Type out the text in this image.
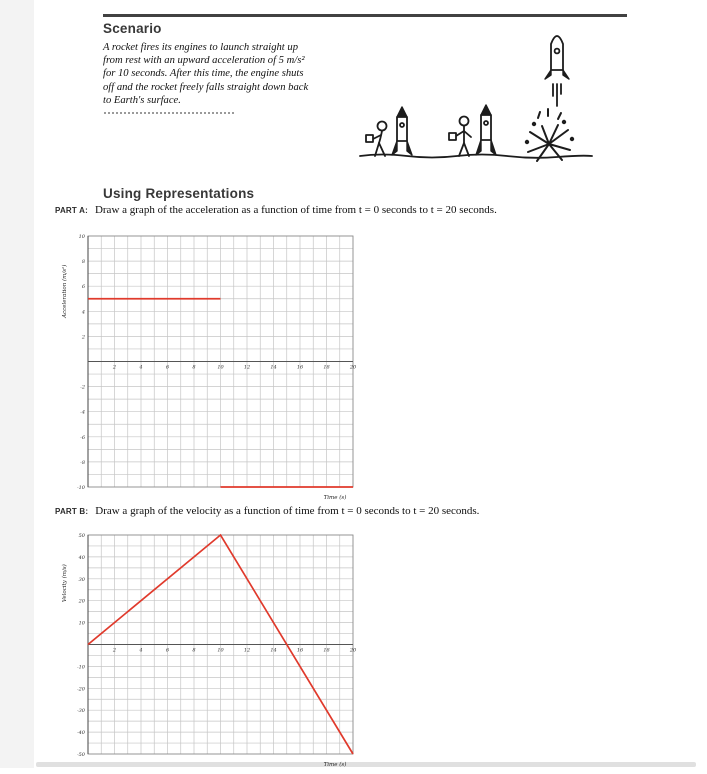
Scenario
A rocket fires its engines to launch straight up
from rest with an upward acceleration of 5 m/s²
for 10 seconds. After this time, the engine shuts
off and the rocket freely falls straight down back
to Earth's surface.
Using Representations
PART A: Draw a graph of the acceleration as a function of time from t = 0 seconds to t = 20 seconds.
10
8
6
4
2
-2
-4
-6
-8
-10
2	4	6	8	10	12	14	16	18	20
Acceleration (m/s²)
Time (s)
PART B: Draw a graph of the velocity as a function of time from t = 0 seconds to t = 20 seconds.
50
40
30
20
10
-10
-20
-30
-40
-50
2	4	6	8	10	12	14	16	18	20
Velocity (m/s)
Time (s)
